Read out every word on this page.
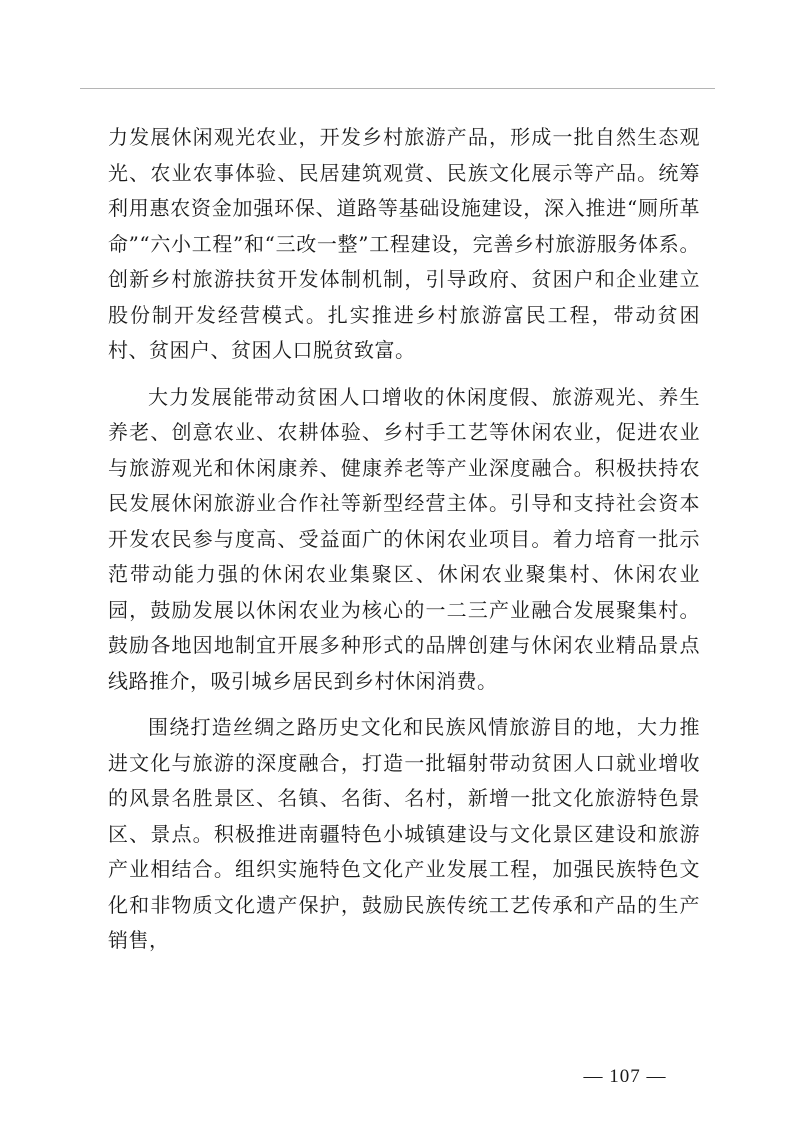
力发展休闲观光农业，开发乡村旅游产品，形成一批自然生态观光、农业农事体验、民居建筑观赏、民族文化展示等产品。统筹利用惠农资金加强环保、道路等基础设施建设，深入推进“厕所革命”“六小工程”和“三改一整”工程建设，完善乡村旅游服务体系。创新乡村旅游扶贫开发体制机制，引导政府、贫困户和企业建立股份制开发经营模式。扎实推进乡村旅游富民工程，带动贫困村、贫困户、贫困人口脱贫致富。

大力发展能带动贫困人口增收的休闲度假、旅游观光、养生养老、创意农业、农耕体验、乡村手工艺等休闲农业，促进农业与旅游观光和休闲康养、健康养老等产业深度融合。积极扶持农民发展休闲旅游业合作社等新型经营主体。引导和支持社会资本开发农民参与度高、受益面广的休闲农业项目。着力培育一批示范带动能力强的休闲农业集聚区、休闲农业聚集村、休闲农业园，鼓励发展以休闲农业为核心的一二三产业融合发展聚集村。鼓励各地因地制宜开展多种形式的品牌创建与休闲农业精品景点线路推介，吸引城乡居民到乡村休闲消费。

围绕打造丝绸之路历史文化和民族风情旅游目的地，大力推进文化与旅游的深度融合，打造一批辐射带动贫困人口就业增收的风景名胜景区、名镇、名街、名村，新增一批文化旅游特色景区、景点。积极推进南疆特色小城镇建设与文化景区建设和旅游产业相结合。组织实施特色文化产业发展工程，加强民族特色文化和非物质文化遗产保护，鼓励民族传统工艺传承和产品的生产销售，

— 107 —
